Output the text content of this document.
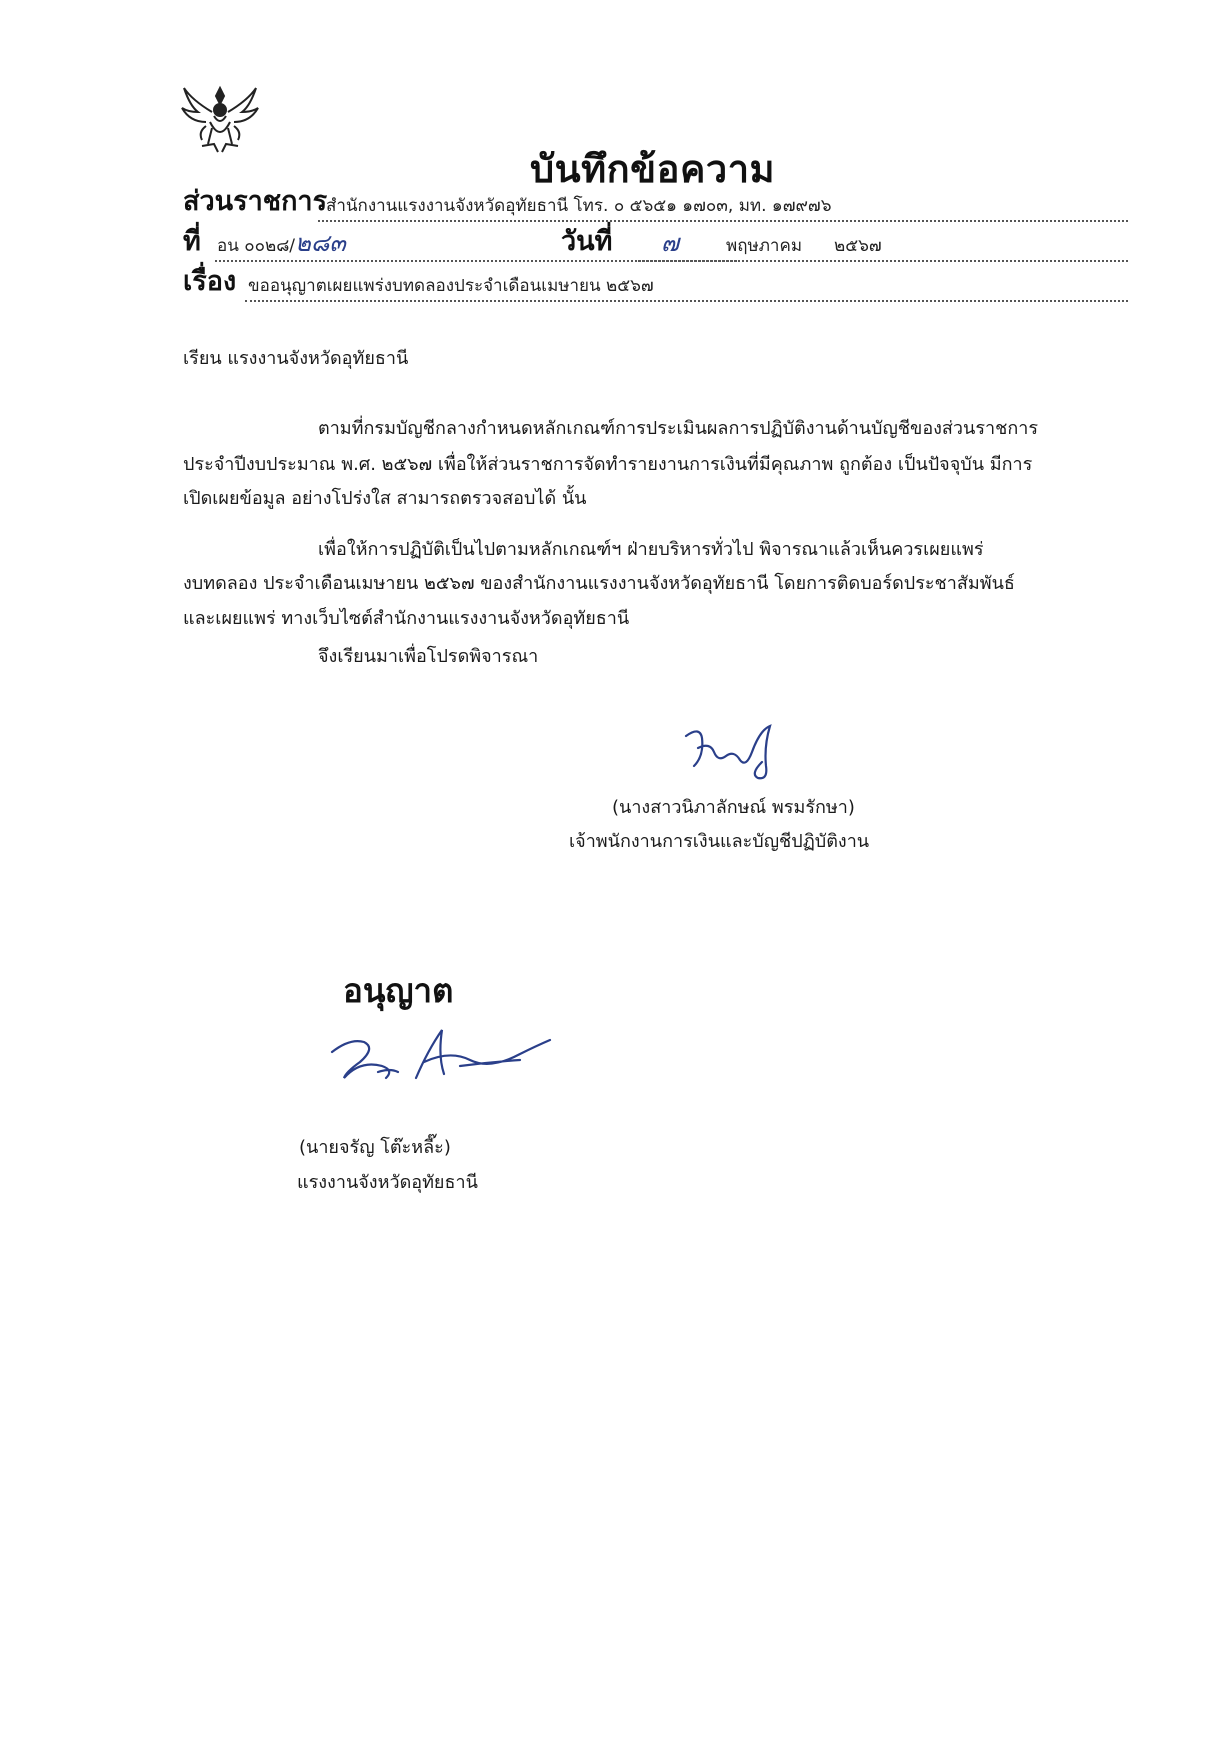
บันทึกข้อความ
ส่วนราชการ
สำนักงานแรงงานจังหวัดอุทัยธานี โทร. ๐ ๕๖๕๑ ๑๗๐๓, มท. ๑๗๙๗๖
ที่ อน ๐๐๒๘/ ๒๘๓	วันที่ ๗	พฤษภาคม ๒๕๖๗
เรื่อง ขออนุญาตเผยแพร่งบทดลองประจำเดือนเมษายน ๒๕๖๗
เรียน แรงงานจังหวัดอุทัยธานี
ตามที่กรมบัญชีกลางกำหนดหลักเกณฑ์การประเมินผลการปฏิบัติงานด้านบัญชีของส่วนราชการ
ประจำปีงบประมาณ พ.ศ. ๒๕๖๗ เพื่อให้ส่วนราชการจัดทำรายงานการเงินที่มีคุณภาพ ถูกต้อง เป็นปัจจุบัน มีการ
เปิดเผยข้อมูล อย่างโปร่งใส สามารถตรวจสอบได้ นั้น
เพื่อให้การปฏิบัติเป็นไปตามหลักเกณฑ์ฯ ฝ่ายบริหารทั่วไป พิจารณาแล้วเห็นควรเผยแพร่
งบทดลอง ประจำเดือนเมษายน ๒๕๖๗ ของสำนักงานแรงงานจังหวัดอุทัยธานี โดยการติดบอร์ดประชาสัมพันธ์
และเผยแพร่ ทางเว็บไซต์สำนักงานแรงงานจังหวัดอุทัยธานี
จึงเรียนมาเพื่อโปรดพิจารณา
(นางสาวนิภาลักษณ์ พรมรักษา)
เจ้าพนักงานการเงินและบัญชีปฏิบัติงาน
อนุญาต
(นายจรัญ โต๊ะหลี๊ะ)
แรงงานจังหวัดอุทัยธานี
